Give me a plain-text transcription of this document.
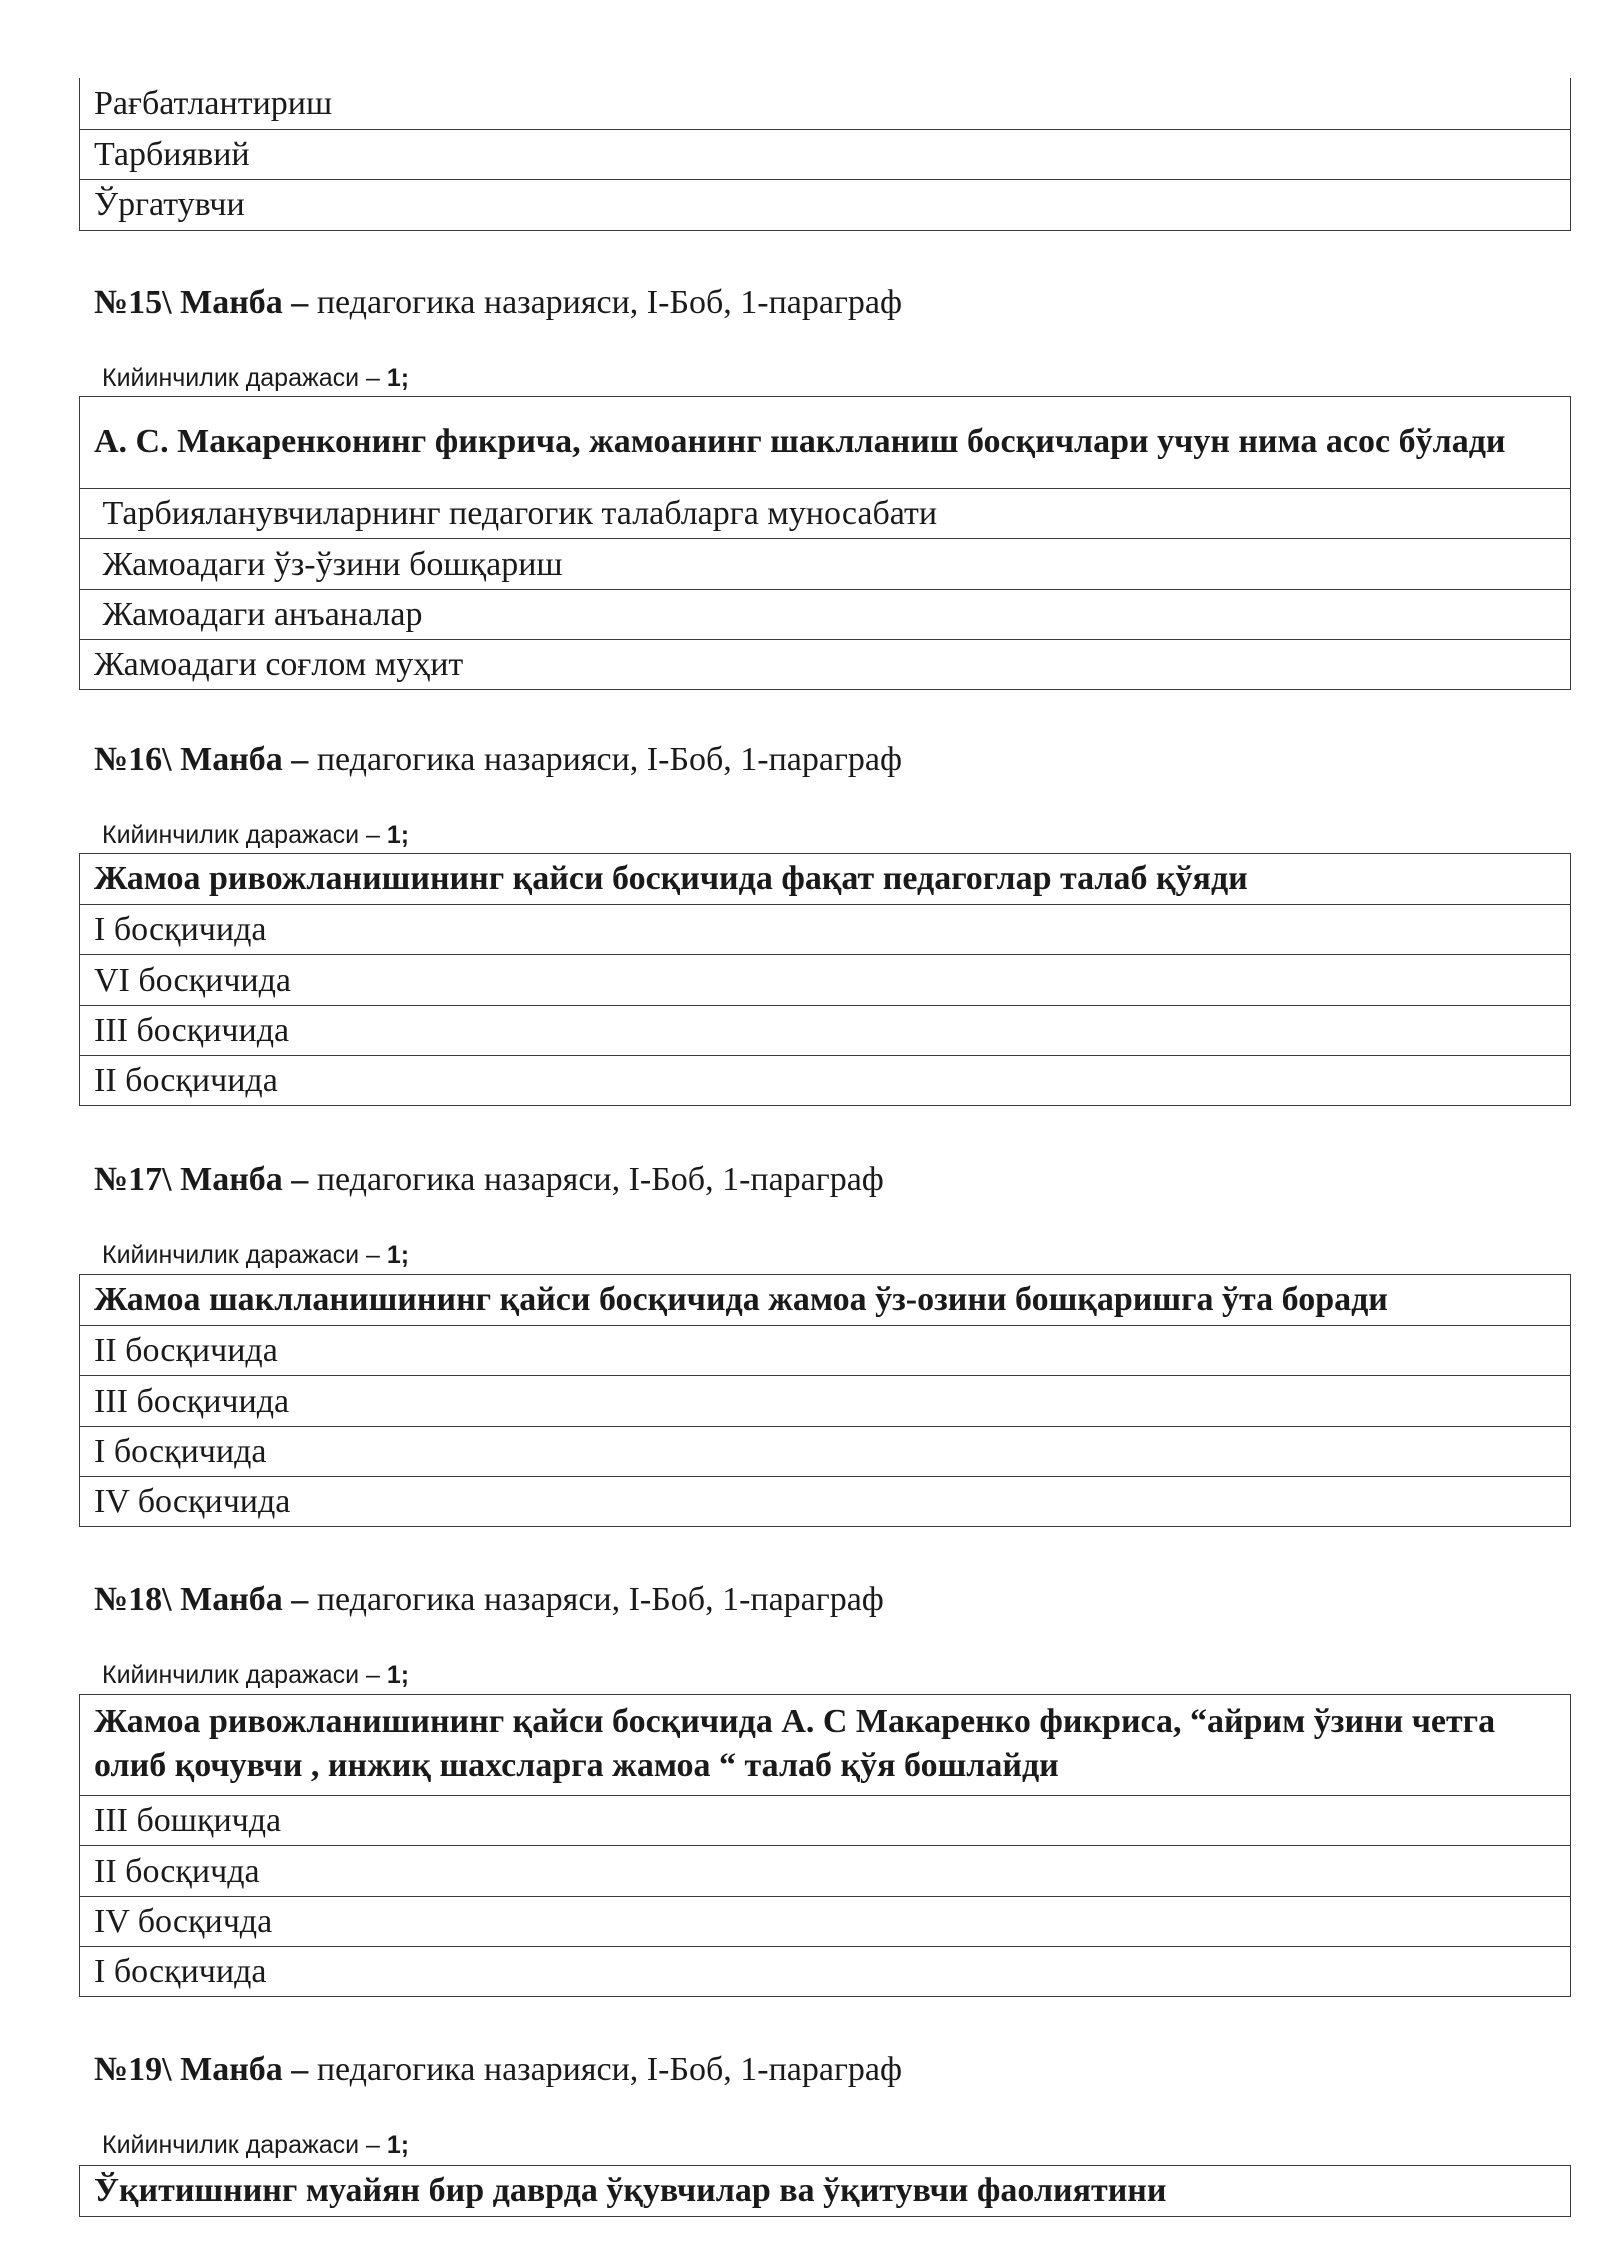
Рағбатлантириш
Тарбиявий
Ўргатувчи
№15\ Манба – педагогика назарияси, I-Боб, 1-параграф
Кийинчилик даражаси – 1;
А. С. Макаренконинг фикрича, жамоанинг шаклланиш босқичлари учун нима асос бўлади
Тарбияланувчиларнинг педагогик талабларга муносабати
Жамоадаги ўз-ўзини бошқариш
Жамоадаги анъаналар
Жамоадаги соғлом муҳит
№16\ Манба – педагогика назарияси, I-Боб, 1-параграф
Кийинчилик даражаси – 1;
Жамоа ривожланишининг қайси босқичида фақат педагоглар талаб қўяди
I босқичида
VI босқичида
III босқичида
II босқичида
№17\ Манба – педагогика назаряси, I-Боб, 1-параграф
Кийинчилик даражаси – 1;
Жамоа шаклланишининг қайси босқичида жамоа ўз-озини бошқаришга ўта боради
II босқичида
III босқичида
I босқичида
IV босқичида
№18\ Манба – педагогика назаряси, I-Боб, 1-параграф
Кийинчилик даражаси – 1;
Жамоа ривожланишининг қайси босқичида А. С Макаренко фикриса, “айрим ўзини четга олиб қочувчи , инжиқ шахсларга жамоа “ талаб қўя бошлайди
III бошқичда
II босқичда
IV босқичда
I босқичида
№19\ Манба – педагогика назарияси, I-Боб, 1-параграф
Кийинчилик даражаси – 1;
Ўқитишнинг муайян бир даврда ўқувчилар ва ўқитувчи фаолиятини
